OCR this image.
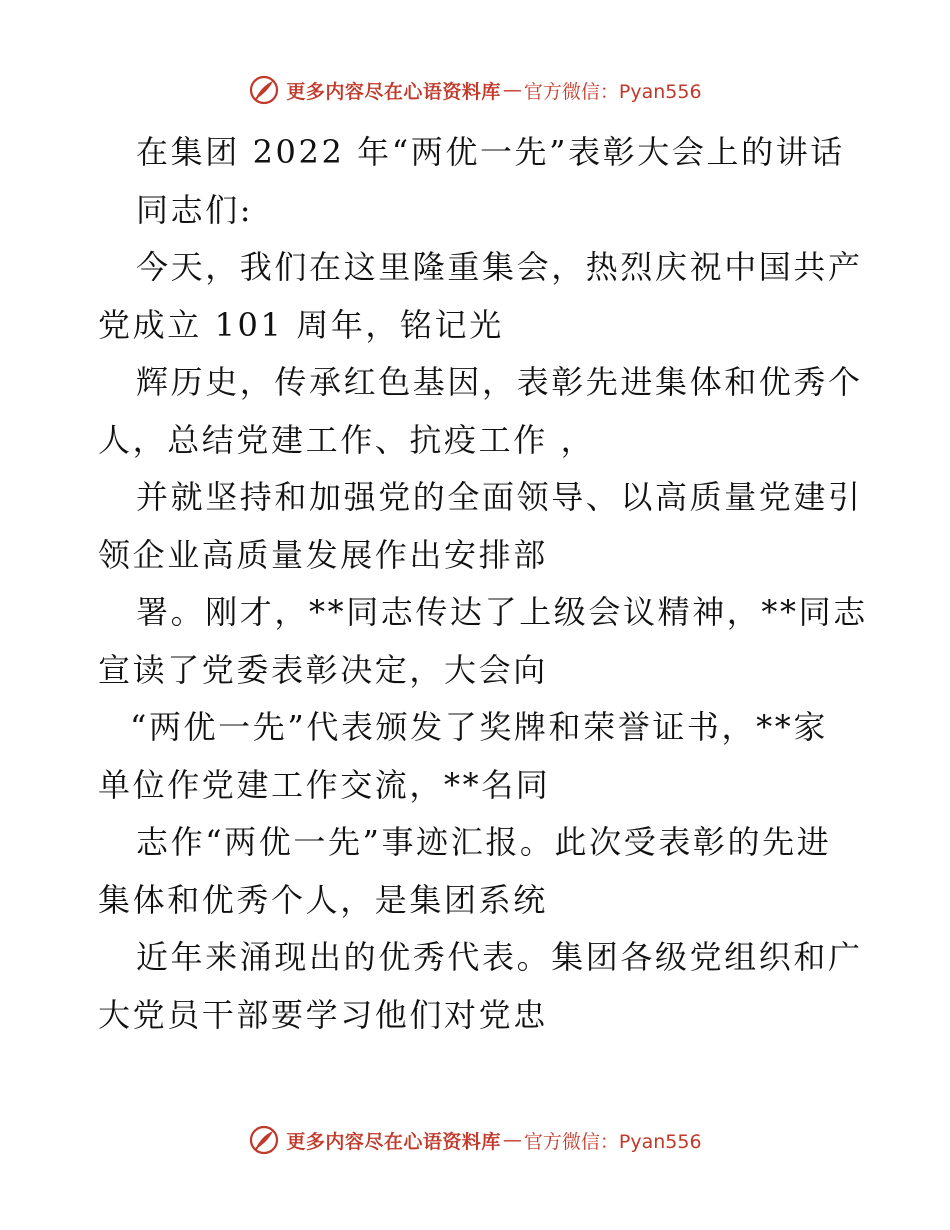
更多内容尽在心语资料库 — 官方微信：Pyan556
在集团 2022 年“两优一先”表彰大会上的讲话
同志们:
今天，我们在这里隆重集会，热烈庆祝中国共产
党成立 101 周年，铭记光
辉历史，传承红色基因，表彰先进集体和优秀个
人，总结党建工作、抗疫工作 ，
并就坚持和加强党的全面领导、以高质量党建引
领企业高质量发展作出安排部
署。刚才，**同志传达了上级会议精神，**同志
宣读了党委表彰决定，大会向
“两优一先”代表颁发了奖牌和荣誉证书，**家
单位作党建工作交流，**名同
志作“两优一先”事迹汇报。此次受表彰的先进
集体和优秀个人，是集团系统
近年来涌现出的优秀代表。集团各级党组织和广
大党员干部要学习他们对党忠
更多内容尽在心语资料库 — 官方微信：Pyan556
